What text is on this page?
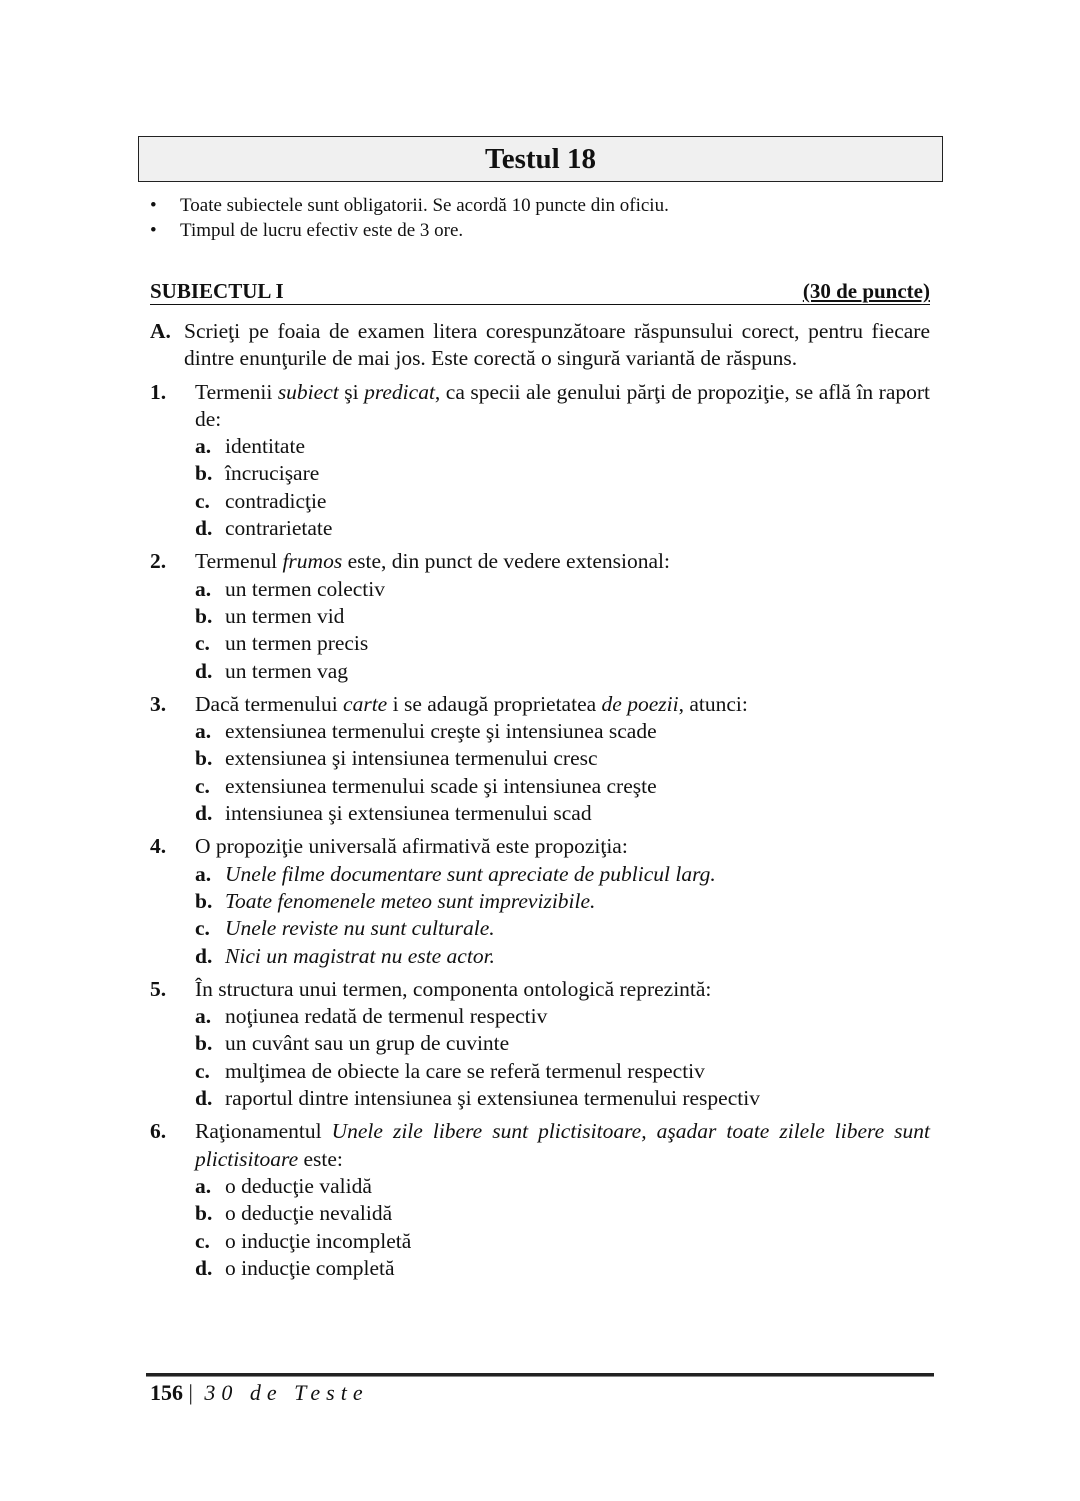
Testul 18
•	Toate subiectele sunt obligatorii. Se acordă 10 puncte din oficiu.
•	Timpul de lucru efectiv este de 3 ore.
SUBIECTUL I	(30 de puncte)
A. Scrieţi pe foaia de examen litera corespunzătoare răspunsului corect, pentru fiecare dintre enunţurile de mai jos. Este corectă o singură variantă de răspuns.
1.	Termenii subiect şi predicat, ca specii ale genului părţi de propoziţie, se află în raport de:
a. identitate
b. încrucişare
c. contradicţie
d. contrarietate
2.	Termenul frumos este, din punct de vedere extensional:
a. un termen colectiv
b. un termen vid
c. un termen precis
d. un termen vag
3.	Dacă termenului carte i se adaugă proprietatea de poezii, atunci:
a. extensiunea termenului creşte şi intensiunea scade
b. extensiunea şi intensiunea termenului cresc
c. extensiunea termenului scade şi intensiunea creşte
d. intensiunea şi extensiunea termenului scad
4.	O propoziţie universală afirmativă este propoziţia:
a. Unele filme documentare sunt apreciate de publicul larg.
b. Toate fenomenele meteo sunt imprevizibile.
c. Unele reviste nu sunt culturale.
d. Nici un magistrat nu este actor.
5.	În structura unui termen, componenta ontologică reprezintă:
a. noţiunea redată de termenul respectiv
b. un cuvânt sau un grup de cuvinte
c. mulţimea de obiecte la care se referă termenul respectiv
d. raportul dintre intensiunea şi extensiunea termenului respectiv
6.	Raţionamentul Unele zile libere sunt plictisitoare, aşadar toate zilele libere sunt plictisitoare este:
a. o deducţie validă
b. o deducţie nevalidă
c. o inducţie incompletă
d. o inducţie completă
156 | 30 de Teste
